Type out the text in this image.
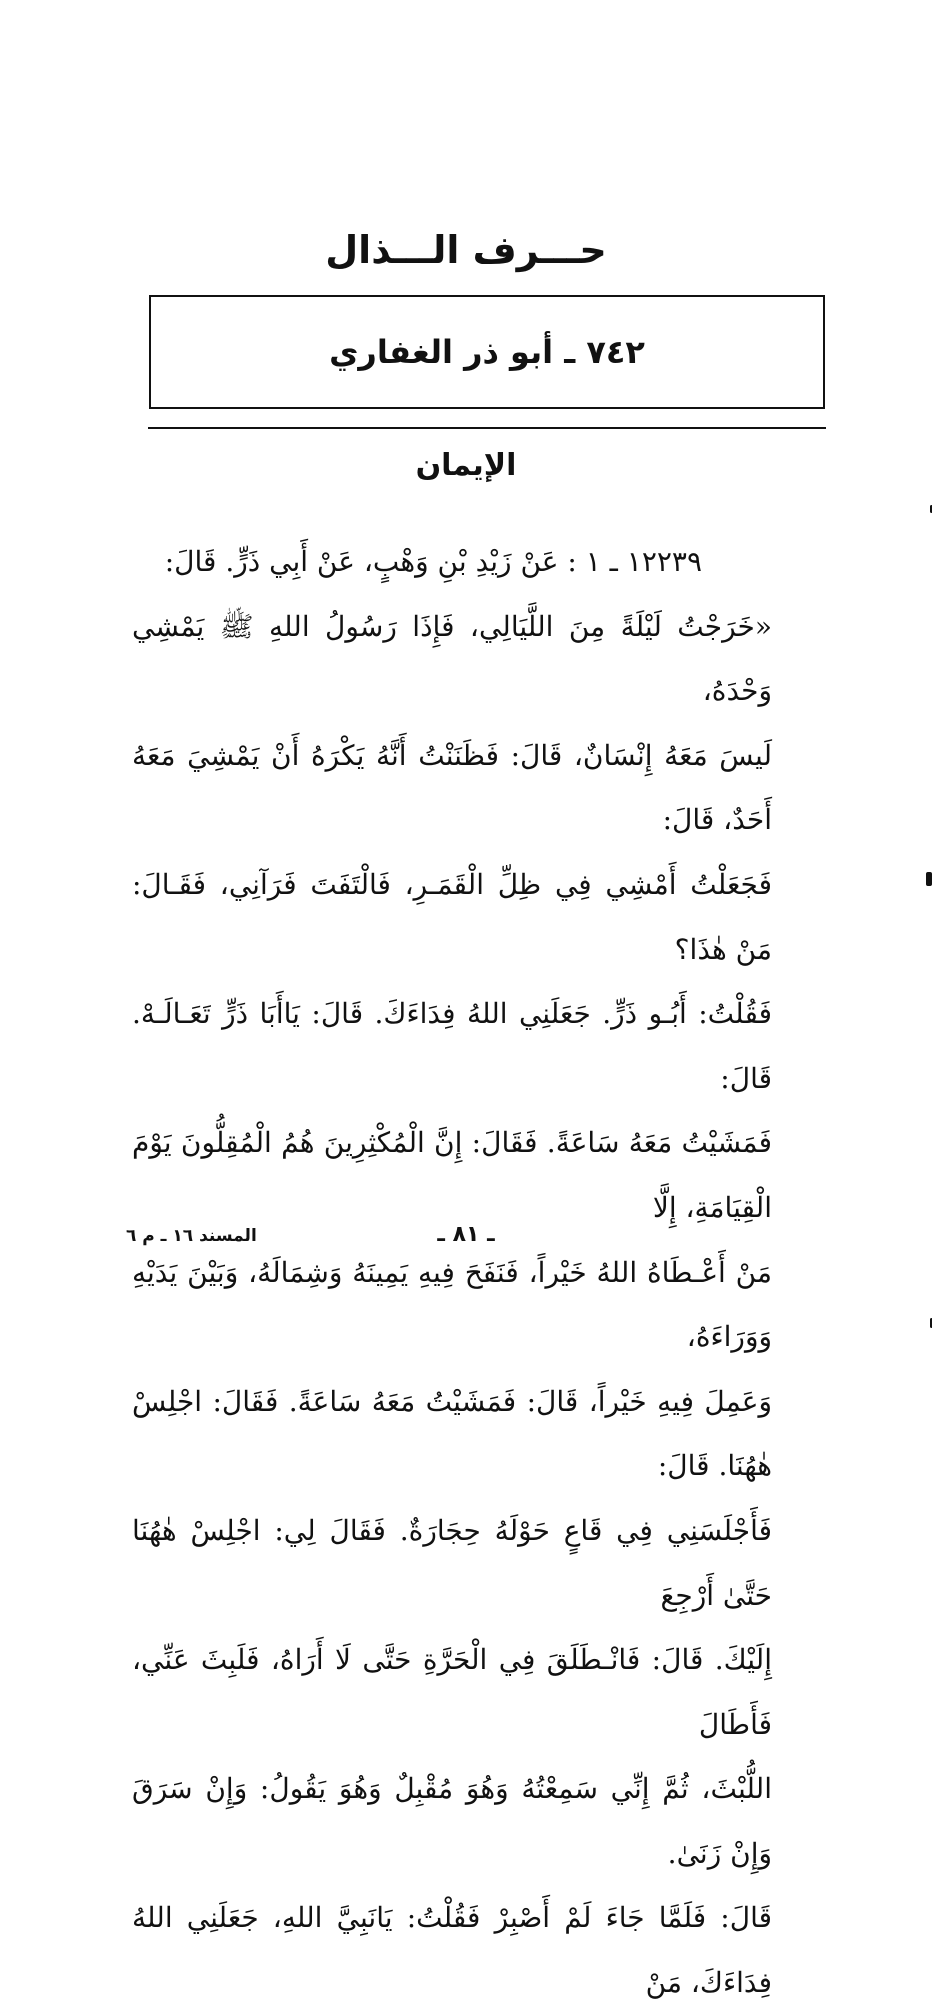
حـــرف الـــذال
٧٤٢ ـ أبو ذر الغفاري
الإيمان

١٢٢٣٩ ـ ١ : عَنْ زَيْدِ بْنِ وَهْبٍ، عَنْ أَبِي ذَرٍّ. قَالَ:

«خَرَجْتُ لَيْلَةً مِنَ اللَّيَالِي، فَإِذَا رَسُولُ اللهِ ﷺ يَمْشِي وَحْدَهُ،

لَيسَ مَعَهُ إِنْسَانٌ، قَالَ: فَظَنَنْتُ أَنَّهُ يَكْرَهُ أَنْ يَمْشِيَ مَعَهُ أَحَدٌ، قَالَ:

فَجَعَلْتُ أَمْشِي فِي ظِلِّ الْقَمَـرِ، فَالْتَفَتَ فَرَآنِي، فَقَـالَ: مَنْ هٰذَا؟

فَقُلْتُ: أَبُـو ذَرٍّ. جَعَلَنِي اللهُ فِدَاءَكَ. قَالَ: يَاأَبَا ذَرٍّ تَعَـالَـهْ. قَالَ:

فَمَشَيْتُ مَعَهُ سَاعَةً. فَقَالَ: إِنَّ الْمُكْثِرِينَ هُمُ الْمُقِلُّونَ يَوْمَ الْقِيَامَةِ، إِلَّا

مَنْ أَعْـطَاهُ اللهُ خَيْراً، فَنَفَحَ فِيهِ يَمِينَهُ وَشِمَالَهُ، وَبَيْنَ يَدَيْهِ وَوَرَاءَهُ،

وَعَمِلَ فِيهِ خَيْراً، قَالَ: فَمَشَيْتُ مَعَهُ سَاعَةً. فَقَالَ: اجْلِسْ هٰهُنَا. قَالَ:

فَأَجْلَسَنِي فِي قَاعٍ حَوْلَهُ حِجَارَةٌ. فَقَالَ لِي: اجْلِسْ هٰهُنَا حَتَّىٰ أَرْجِعَ

إِلَيْكَ. قَالَ: فَانْـطَلَقَ فِي الْحَرَّةِ حَتَّى لَا أَرَاهُ، فَلَبِثَ عَنِّي، فَأَطَالَ

اللُّبْثَ، ثُمَّ إِنِّي سَمِعْتُهُ وَهُوَ مُقْبِلٌ وَهُوَ يَقُولُ: وَإِنْ سَرَقَ وَإِنْ زَنَىٰ.

قَالَ: فَلَمَّا جَاءَ لَمْ أَصْبِرْ فَقُلْتُ: يَانَبِيَّ اللهِ، جَعَلَنِي اللهُ فِدَاءَكَ، مَنْ

ـ ٨١ ـ
المسند ١٦ ـ م ٦
